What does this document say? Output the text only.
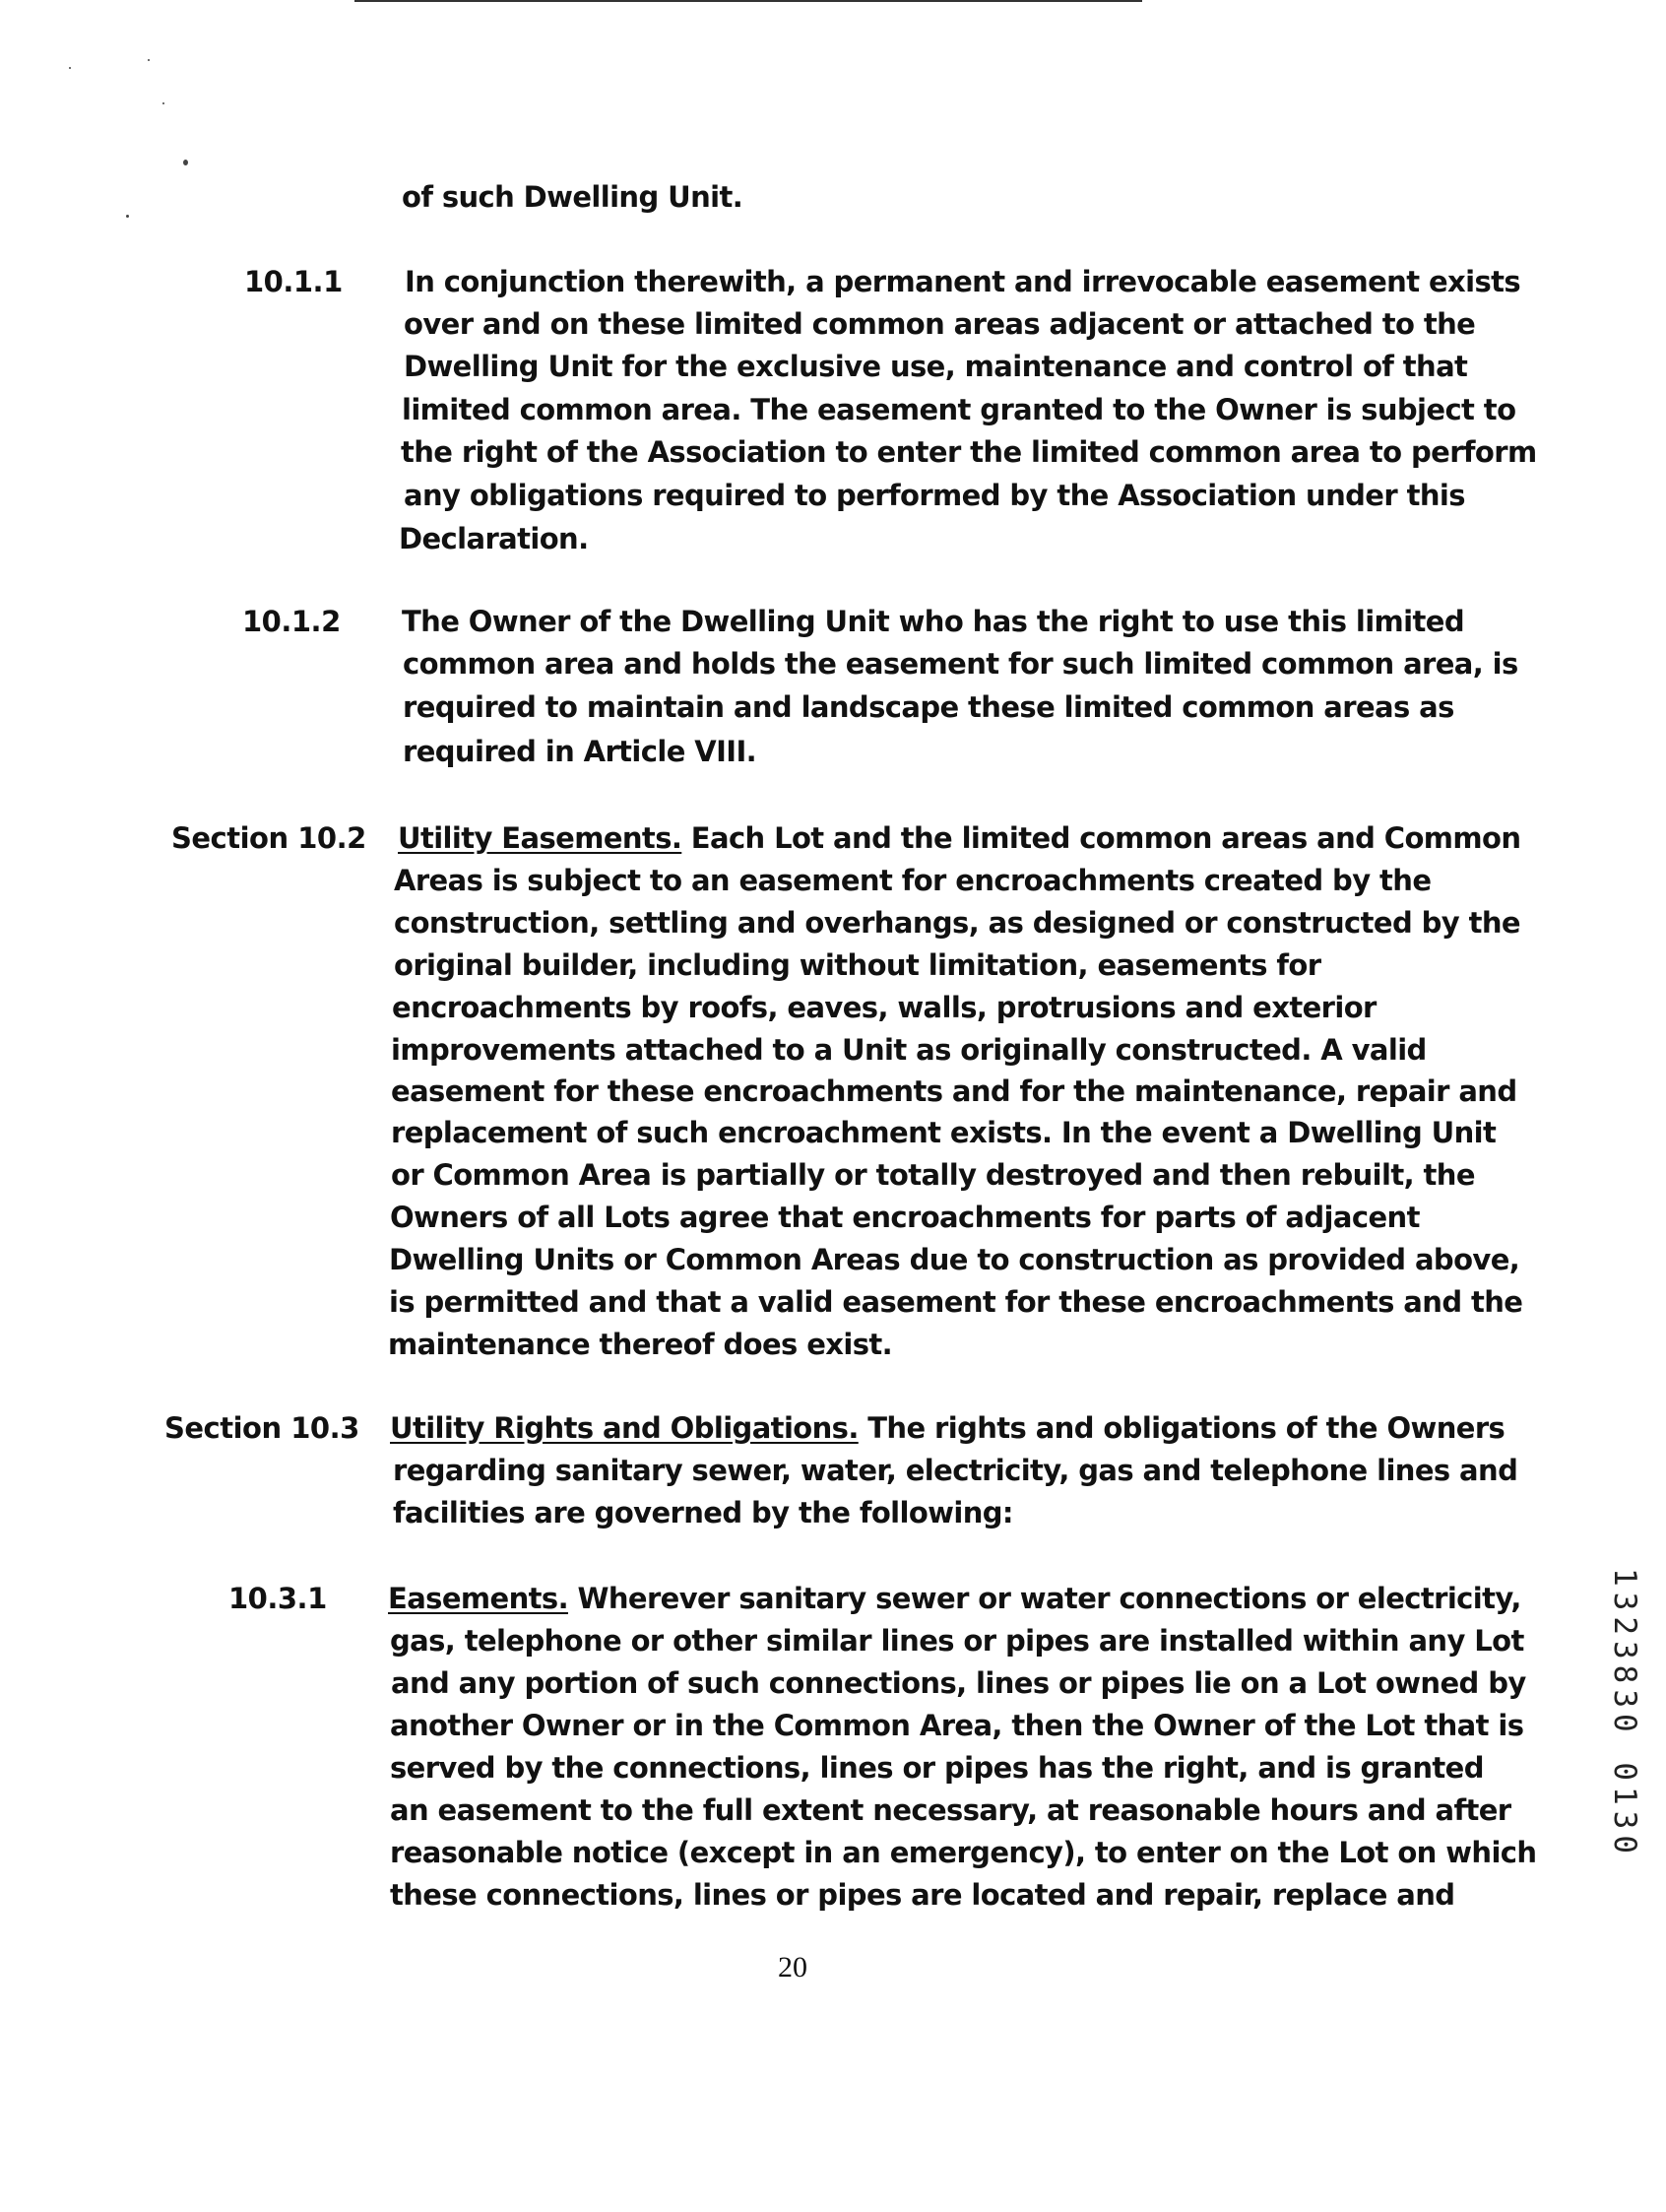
of such Dwelling Unit.
10.1.1 In conjunction therewith, a permanent and irrevocable easement exists
over and on these limited common areas adjacent or attached to the
Dwelling Unit for the exclusive use, maintenance and control of that
limited common area. The easement granted to the Owner is subject to
the right of the Association to enter the limited common area to perform
any obligations required to performed by the Association under this
Declaration.
10.1.2 The Owner of the Dwelling Unit who has the right to use this limited
common area and holds the easement for such limited common area, is
required to maintain and landscape these limited common areas as
required in Article VIII.
Section 10.2 Utility Easements. Each Lot and the limited common areas and Common
Areas is subject to an easement for encroachments created by the
construction, settling and overhangs, as designed or constructed by the
original builder, including without limitation, easements for
encroachments by roofs, eaves, walls, protrusions and exterior
improvements attached to a Unit as originally constructed. A valid
easement for these encroachments and for the maintenance, repair and
replacement of such encroachment exists. In the event a Dwelling Unit
or Common Area is partially or totally destroyed and then rebuilt, the
Owners of all Lots agree that encroachments for parts of adjacent
Dwelling Units or Common Areas due to construction as provided above,
is permitted and that a valid easement for these encroachments and the
maintenance thereof does exist.
Section 10.3 Utility Rights and Obligations. The rights and obligations of the Owners
regarding sanitary sewer, water, electricity, gas and telephone lines and
facilities are governed by the following:
10.3.1 Easements. Wherever sanitary sewer or water connections or electricity,
gas, telephone or other similar lines or pipes are installed within any Lot
and any portion of such connections, lines or pipes lie on a Lot owned by
another Owner or in the Common Area, then the Owner of the Lot that is
served by the connections, lines or pipes has the right, and is granted
an easement to the full extent necessary, at reasonable hours and after
reasonable notice (except in an emergency), to enter on the Lot on which
these connections, lines or pipes are located and repair, replace and
20
1323830 0130
